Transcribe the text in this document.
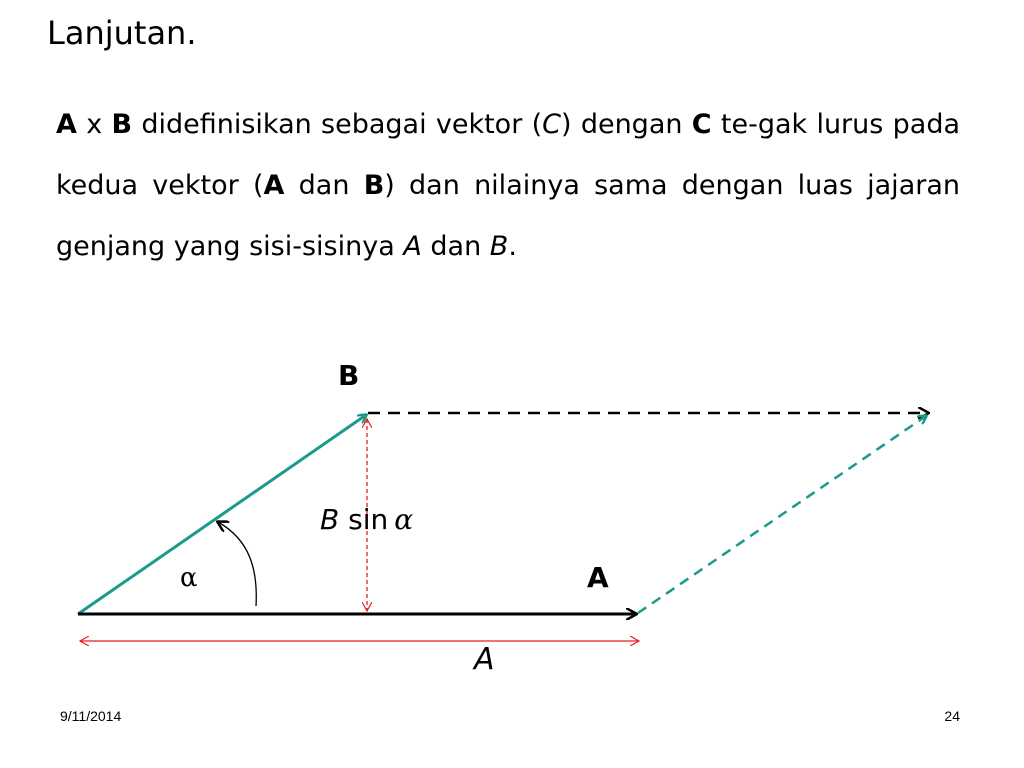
Lanjutan.
A x B didefinisikan sebagai vektor (C) dengan C te-gak lurus pada kedua vektor (A dan B) dan nilainya sama dengan luas jajaran genjang yang sisi-sisinya A dan B.
B
B sin α
α	A
A
9/11/2014	24
